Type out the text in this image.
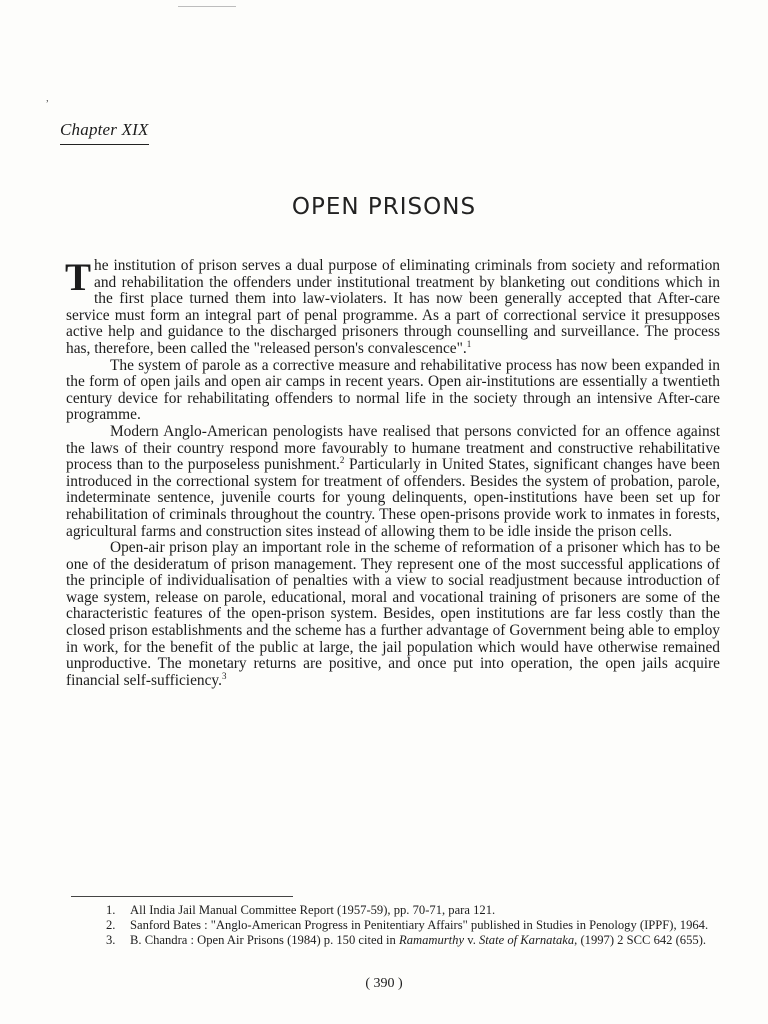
,
Chapter XIX
OPEN PRISONS

The institution of prison serves a dual purpose of eliminating criminals from society and reformation and rehabilitation the offenders under institutional treatment by blanketing out conditions which in the first place turned them into law-violaters. It has now been generally accepted that After-care service must form an integral part of penal programme. As a part of correctional service it presupposes active help and guidance to the discharged prisoners through counselling and surveillance. The process has, therefore, been called the "released person's convalescence".$^1$

The system of parole as a corrective measure and rehabilitative process has now been expanded in the form of open jails and open air camps in recent years. Open air-institutions are essentially a twentieth century device for rehabilitating offenders to normal life in the society through an intensive After-care programme.

Modern Anglo-American penologists have realised that persons convicted for an offence against the laws of their country respond more favourably to humane treatment and constructive rehabilitative process than to the purposeless punishment.$^2$ Particularly in United States, significant changes have been introduced in the correctional system for treatment of offenders. Besides the system of probation, parole, indeterminate sentence, juvenile courts for young delinquents, open-institutions have been set up for rehabilitation of criminals throughout the country. These open-prisons provide work to inmates in forests, agricultural farms and construction sites instead of allowing them to be idle inside the prison cells.

Open-air prison play an important role in the scheme of reformation of a prisoner which has to be one of the desideratum of prison management. They represent one of the most successful applications of the principle of individualisation of penalties with a view to social readjustment because introduction of wage system, release on parole, educational, moral and vocational training of prisoners are some of the characteristic features of the open-prison system. Besides, open institutions are far less costly than the closed prison establishments and the scheme has a further advantage of Government being able to employ in work, for the benefit of the public at large, the jail population which would have otherwise remained unproductive. The monetary returns are positive, and once put into operation, the open jails acquire financial self-sufficiency.$^3$

1.	All India Jail Manual Committee Report (1957-59), pp. 70-71, para 121.
2.	Sanford Bates : "Anglo-American Progress in Penitentiary Affairs" published in Studies in Penology (IPPF), 1964.
3.	B. Chandra : Open Air Prisons (1984) p. 150 cited in Ramamurthy v. State of Karnataka, (1997) 2 SCC 642 (655).
( 390 )
